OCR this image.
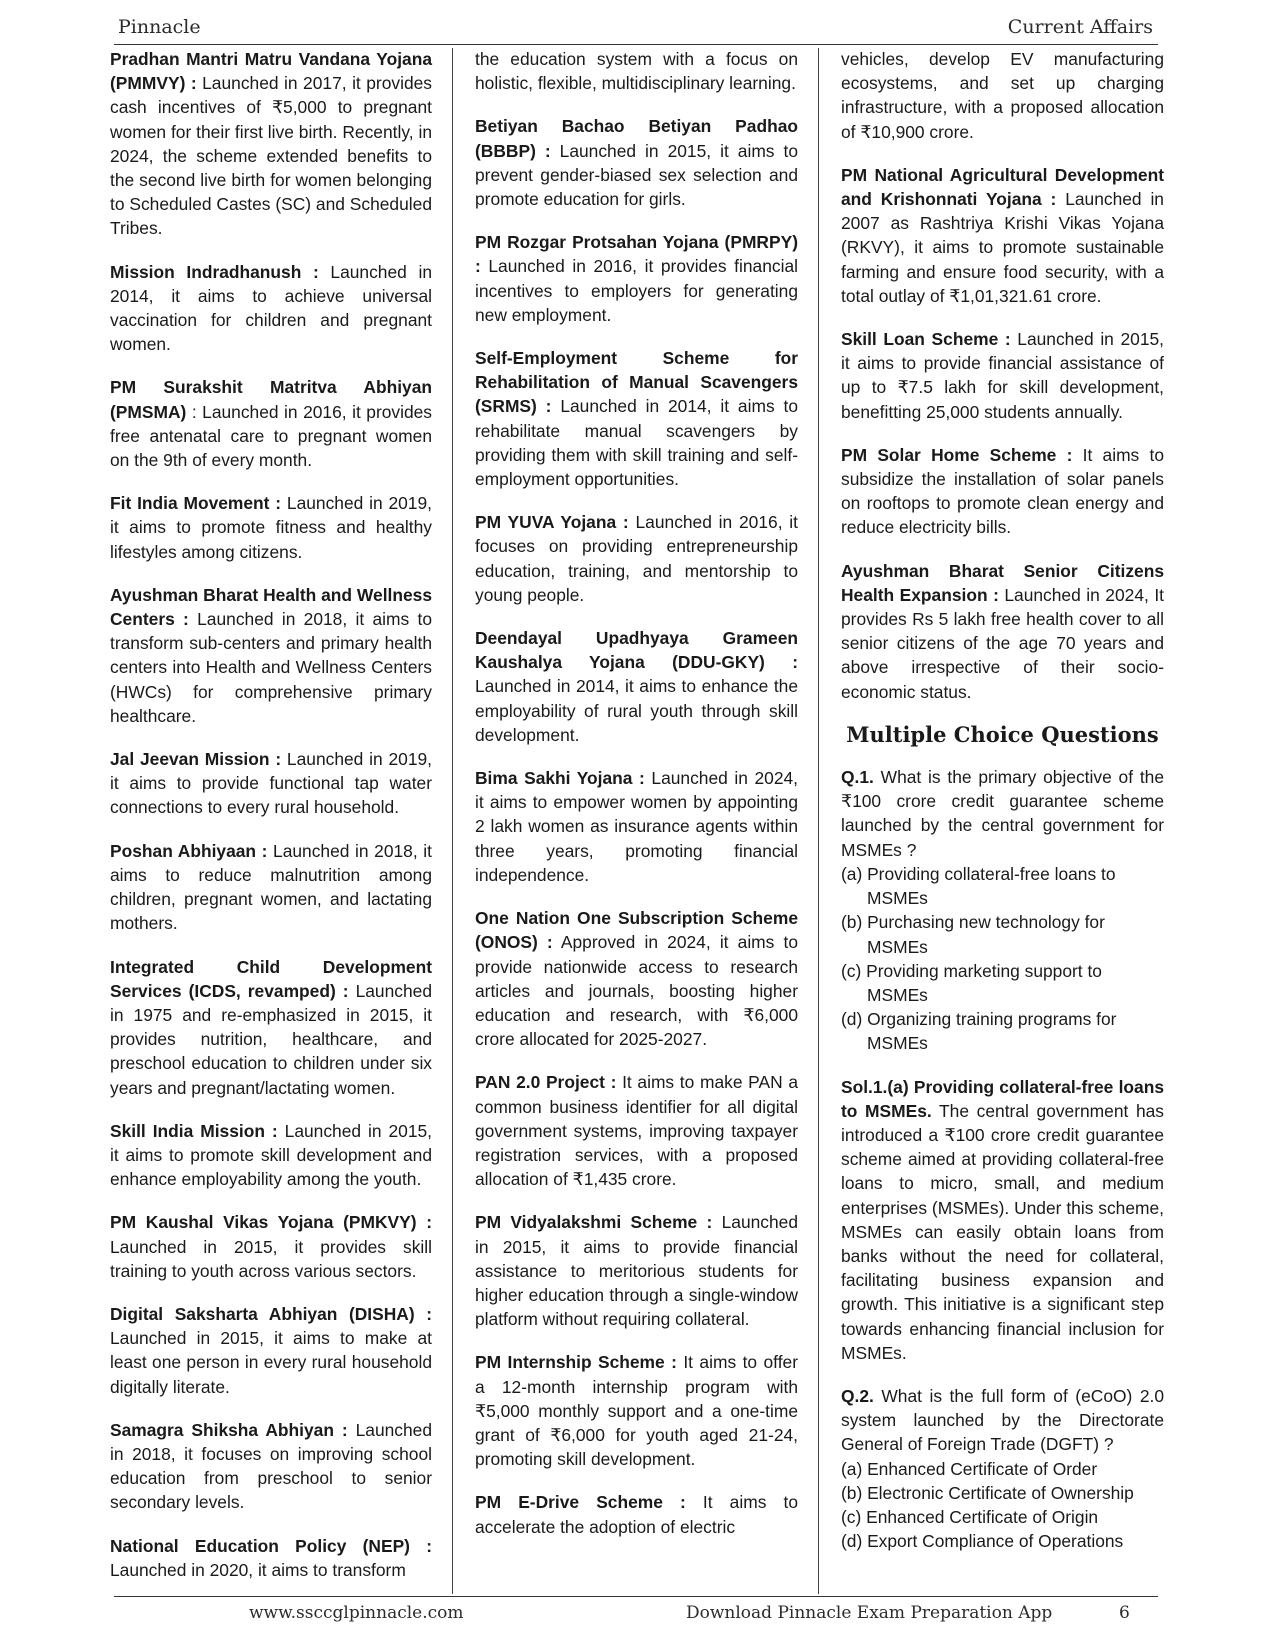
Pinnacle	Current Affairs

Pradhan Mantri Matru Vandana Yojana (PMMVY) : Launched in 2017, it provides cash incentives of ₹5,000 to pregnant women for their first live birth. Recently, in 2024, the scheme extended benefits to the second live birth for women belonging to Scheduled Castes (SC) and Scheduled Tribes.

Mission Indradhanush : Launched in 2014, it aims to achieve universal vaccination for children and pregnant women.

PM Surakshit Matritva Abhiyan (PMSMA) : Launched in 2016, it provides free antenatal care to pregnant women on the 9th of every month.

Fit India Movement : Launched in 2019, it aims to promote fitness and healthy lifestyles among citizens.

Ayushman Bharat Health and Wellness Centers : Launched in 2018, it aims to transform sub-centers and primary health centers into Health and Wellness Centers (HWCs) for comprehensive primary healthcare.

Jal Jeevan Mission : Launched in 2019, it aims to provide functional tap water connections to every rural household.

Poshan Abhiyaan : Launched in 2018, it aims to reduce malnutrition among children, pregnant women, and lactating mothers.

Integrated Child Development Services (ICDS, revamped) : Launched in 1975 and re-emphasized in 2015, it provides nutrition, healthcare, and preschool education to children under six years and pregnant/lactating women.

Skill India Mission : Launched in 2015, it aims to promote skill development and enhance employability among the youth.

PM Kaushal Vikas Yojana (PMKVY) : Launched in 2015, it provides skill training to youth across various sectors.

Digital Saksharta Abhiyan (DISHA) : Launched in 2015, it aims to make at least one person in every rural household digitally literate.

Samagra Shiksha Abhiyan : Launched in 2018, it focuses on improving school education from preschool to senior secondary levels.

National Education Policy (NEP) : Launched in 2020, it aims to transform

the education system with a focus on holistic, flexible, multidisciplinary learning.

Betiyan Bachao Betiyan Padhao (BBBP) : Launched in 2015, it aims to prevent gender-biased sex selection and promote education for girls.

PM Rozgar Protsahan Yojana (PMRPY) : Launched in 2016, it provides financial incentives to employers for generating new employment.

Self-Employment Scheme for Rehabilitation of Manual Scavengers (SRMS) : Launched in 2014, it aims to rehabilitate manual scavengers by providing them with skill training and self-employment opportunities.

PM YUVA Yojana : Launched in 2016, it focuses on providing entrepreneurship education, training, and mentorship to young people.

Deendayal Upadhyaya Grameen Kaushalya Yojana (DDU-GKY) : Launched in 2014, it aims to enhance the employability of rural youth through skill development.

Bima Sakhi Yojana : Launched in 2024, it aims to empower women by appointing 2 lakh women as insurance agents within three years, promoting financial independence.

One Nation One Subscription Scheme (ONOS) : Approved in 2024, it aims to provide nationwide access to research articles and journals, boosting higher education and research, with ₹6,000 crore allocated for 2025-2027.

PAN 2.0 Project : It aims to make PAN a common business identifier for all digital government systems, improving taxpayer registration services, with a proposed allocation of ₹1,435 crore.

PM Vidyalakshmi Scheme : Launched in 2015, it aims to provide financial assistance to meritorious students for higher education through a single-window platform without requiring collateral.

PM Internship Scheme : It aims to offer a 12-month internship program with ₹5,000 monthly support and a one-time grant of ₹6,000 for youth aged 21-24, promoting skill development.

PM E-Drive Scheme : It aims to accelerate the adoption of electric

vehicles, develop EV manufacturing ecosystems, and set up charging infrastructure, with a proposed allocation of ₹10,900 crore.

PM National Agricultural Development and Krishonnati Yojana : Launched in 2007 as Rashtriya Krishi Vikas Yojana (RKVY), it aims to promote sustainable farming and ensure food security, with a total outlay of ₹1,01,321.61 crore.

Skill Loan Scheme : Launched in 2015, it aims to provide financial assistance of up to ₹7.5 lakh for skill development, benefitting 25,000 students annually.

PM Solar Home Scheme : It aims to subsidize the installation of solar panels on rooftops to promote clean energy and reduce electricity bills.

Ayushman Bharat Senior Citizens Health Expansion : Launched in 2024, It provides Rs 5 lakh free health cover to all senior citizens of the age 70 years and above irrespective of their socio-economic status.

Multiple Choice Questions

Q.1. What is the primary objective of the ₹100 crore credit guarantee scheme launched by the central government for MSMEs ?

(a) Providing collateral-free loans to MSMEs

(b) Purchasing new technology for MSMEs

(c) Providing marketing support to MSMEs

(d) Organizing training programs for MSMEs

Sol.1.(a) Providing collateral-free loans to MSMEs. The central government has introduced a ₹100 crore credit guarantee scheme aimed at providing collateral-free loans to micro, small, and medium enterprises (MSMEs). Under this scheme, MSMEs can easily obtain loans from banks without the need for collateral, facilitating business expansion and growth. This initiative is a significant step towards enhancing financial inclusion for MSMEs.

Q.2. What is the full form of (eCoO) 2.0 system launched by the Directorate General of Foreign Trade (DGFT) ?

(a) Enhanced Certificate of Order

(b) Electronic Certificate of Ownership

(c) Enhanced Certificate of Origin

(d) Export Compliance of Operations

www.ssccglpinnacle.com	Download Pinnacle Exam Preparation App	6
